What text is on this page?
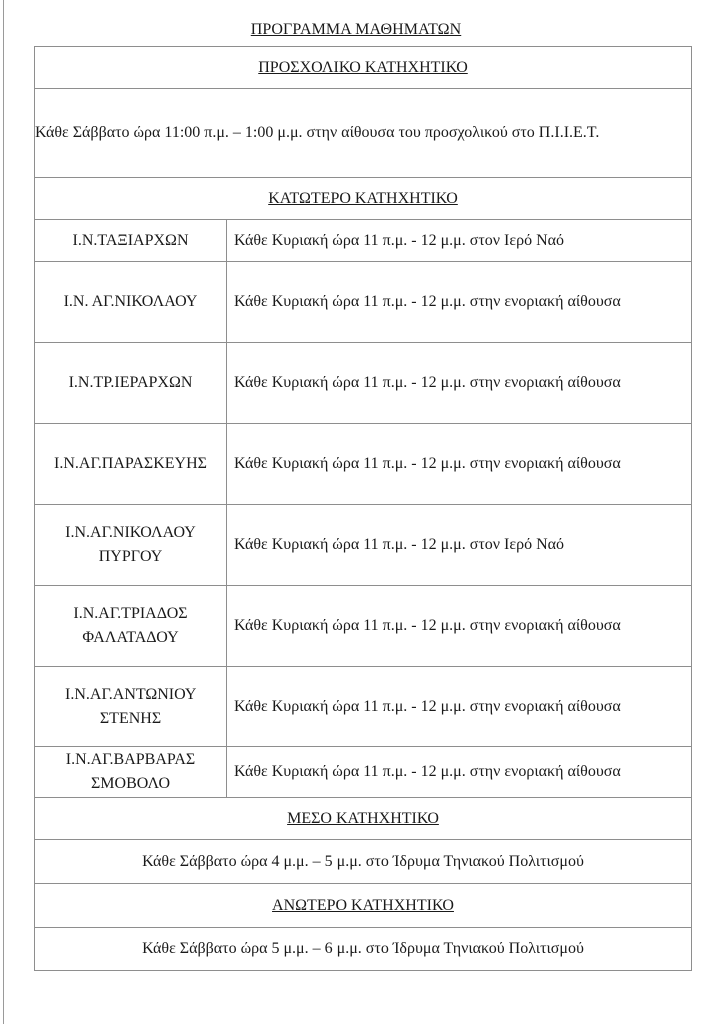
ΠΡΟΓΡΑΜΜΑ ΜΑΘΗΜΑΤΩΝ
ΠΡΟΣΧΟΛΙΚΟ ΚΑΤΗΧΗΤΙΚΟ	
Κάθε Σάββατο ώρα 11:00 π.μ. – 1:00 μ.μ. στην αίθουσα του προσχολικού στο Π.Ι.Ι.Ε.Τ.	
ΚΑΤΩΤΕΡΟ ΚΑΤΗΧΗΤΙΚΟ	
Ι.Ν.ΤΑΞΙΑΡΧΩΝ	Κάθε Κυριακή ώρα 11 π.μ. - 12 μ.μ. στον Ιερό Ναό
Ι.Ν. ΑΓ.ΝΙΚΟΛΑΟΥ	Κάθε Κυριακή ώρα 11 π.μ. - 12 μ.μ. στην ενοριακή αίθουσα
Ι.Ν.ΤΡ.ΙΕΡΑΡΧΩΝ	Κάθε Κυριακή ώρα 11 π.μ. - 12 μ.μ. στην ενοριακή αίθουσα
Ι.Ν.ΑΓ.ΠΑΡΑΣΚΕΥΗΣ	Κάθε Κυριακή ώρα 11 π.μ. - 12 μ.μ. στην ενοριακή αίθουσα
Ι.Ν.ΑΓ.ΝΙΚΟΛΑΟΥ ΠΥΡΓΟΥ	Κάθε Κυριακή ώρα 11 π.μ. - 12 μ.μ. στον Ιερό Ναό
Ι.Ν.ΑΓ.ΤΡΙΑΔΟΣ ΦΑΛΑΤΑΔΟΥ	Κάθε Κυριακή ώρα 11 π.μ. - 12 μ.μ. στην ενοριακή αίθουσα
Ι.Ν.ΑΓ.ΑΝΤΩΝΙΟΥ ΣΤΕΝΗΣ	Κάθε Κυριακή ώρα 11 π.μ. - 12 μ.μ. στην ενοριακή αίθουσα
Ι.Ν.ΑΓ.ΒΑΡΒΑΡΑΣ ΣΜΟΒΟΛΟ	Κάθε Κυριακή ώρα 11 π.μ. - 12 μ.μ. στην ενοριακή αίθουσα
ΜΕΣΟ ΚΑΤΗΧΗΤΙΚΟ	
Κάθε Σάββατο ώρα 4 μ.μ. – 5 μ.μ. στο Ίδρυμα Τηνιακού Πολιτισμού	
ΑΝΩΤΕΡΟ ΚΑΤΗΧΗΤΙΚΟ	
Κάθε Σάββατο ώρα 5 μ.μ. – 6 μ.μ. στο Ίδρυμα Τηνιακού Πολιτισμού	
